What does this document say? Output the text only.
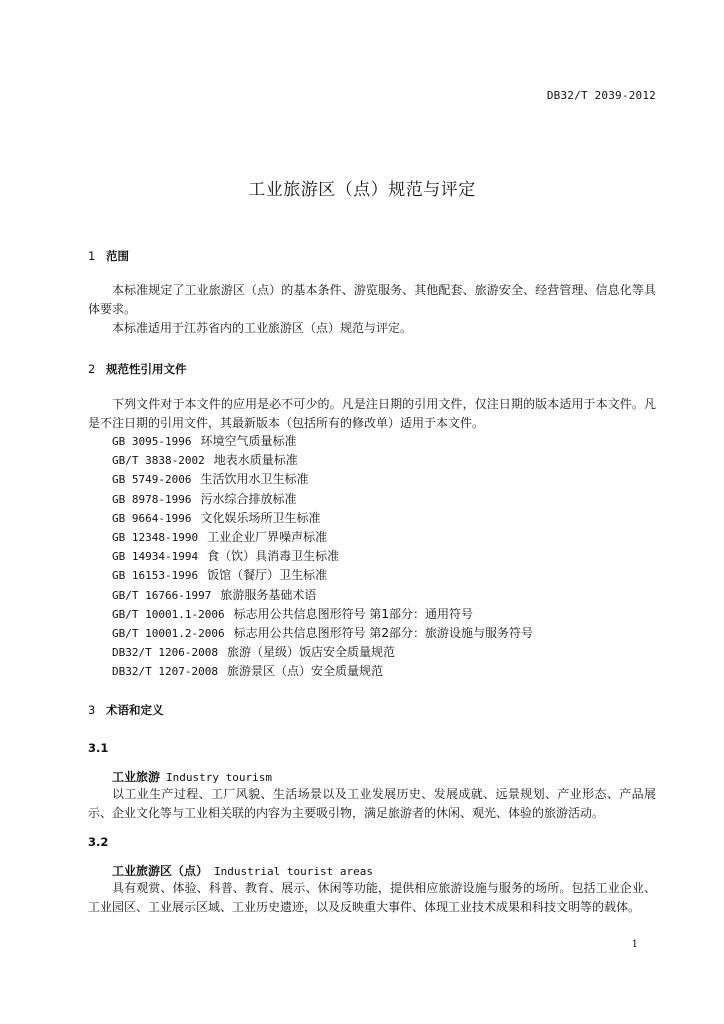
DB32/T 2039-2012
工业旅游区（点）规范与评定

1 范围

本标准规定了工业旅游区（点）的基本条件、游览服务、其他配套、旅游安全、经营管理、信息化等具体要求。

本标准适用于江苏省内的工业旅游区（点）规范与评定。

2 规范性引用文件

下列文件对于本文件的应用是必不可少的。凡是注日期的引用文件，仅注日期的版本适用于本文件。凡是不注日期的引用文件，其最新版本（包括所有的修改单）适用于本文件。

GB 3095-1996 环境空气质量标准
GB/T 3838-2002 地表水质量标准
GB 5749-2006 生活饮用水卫生标准
GB 8978-1996 污水综合排放标准
GB 9664-1996 文化娱乐场所卫生标准
GB 12348-1990 工业企业厂界噪声标准
GB 14934-1994 食（饮）具消毒卫生标准
GB 16153-1996 饭馆（餐厅）卫生标准
GB/T 16766-1997 旅游服务基础术语
GB/T 10001.1-2006 标志用公共信息图形符号 第1部分：通用符号
GB/T 10001.2-2006 标志用公共信息图形符号 第2部分：旅游设施与服务符号
DB32/T 1206-2008 旅游（星级）饭店安全质量规范
DB32/T 1207-2008 旅游景区（点）安全质量规范

3 术语和定义

3.1

工业旅游 Industry tourism

以工业生产过程、工厂风貌、生活场景以及工业发展历史、发展成就、远景规划、产业形态、产品展示、企业文化等与工业相关联的内容为主要吸引物，满足旅游者的休闲、观光、体验的旅游活动。

3.2

工业旅游区（点） Industrial tourist areas

具有观赏、体验、科普、教育、展示、休闲等功能，提供相应旅游设施与服务的场所。包括工业企业、工业园区、工业展示区域、工业历史遗迹，以及反映重大事件、体现工业技术成果和科技文明等的载体。

1
